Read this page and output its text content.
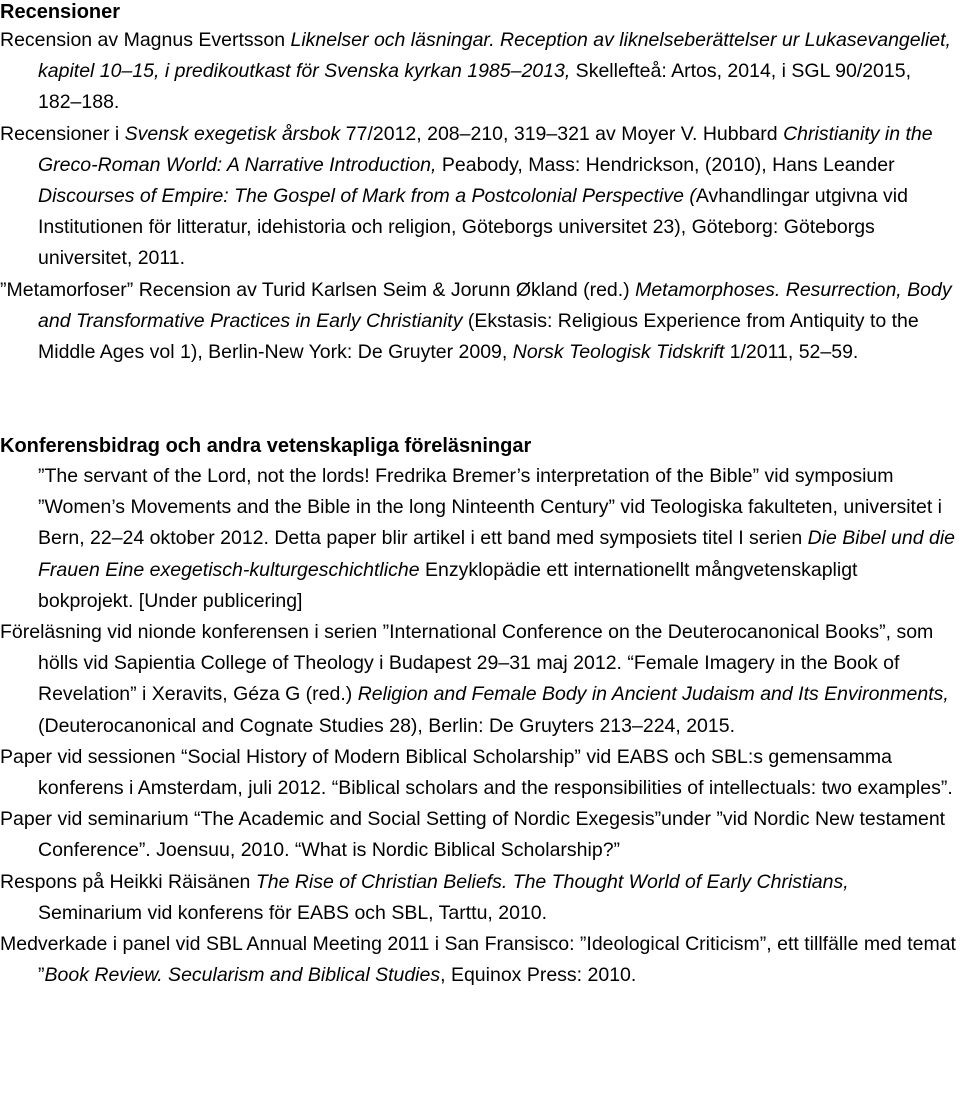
Recensioner

Recension av Magnus Evertsson Liknelser och läsningar. Reception av liknelseberättelser ur Lukasevangeliet, kapitel 10–15, i predikoutkast för Svenska kyrkan 1985–2013, Skellefteå: Artos, 2014, i SGL 90/2015, 182–188.

Recensioner i Svensk exegetisk årsbok 77/2012, 208–210, 319–321 av Moyer V. Hubbard Christianity in the Greco-Roman World: A Narrative Introduction, Peabody, Mass: Hendrickson, (2010), Hans Leander Discourses of Empire: The Gospel of Mark from a Postcolonial Perspective (Avhandlingar utgivna vid Institutionen för litteratur, idehistoria och religion, Göteborgs universitet 23), Göteborg: Göteborgs universitet, 2011.

”Metamorfoser” Recension av Turid Karlsen Seim & Jorunn Økland (red.) Metamorphoses. Resurrection, Body and Transformative Practices in Early Christianity (Ekstasis: Religious Experience from Antiquity to the Middle Ages vol 1), Berlin-New York: De Gruyter 2009, Norsk Teologisk Tidskrift 1/2011, 52–59.

Konferensbidrag och andra vetenskapliga föreläsningar

”The servant of the Lord, not the lords! Fredrika Bremer’s interpretation of the Bible” vid symposium ”Women’s Movements and the Bible in the long Ninteenth Century” vid Teologiska fakulteten, universitet i Bern, 22–24 oktober 2012. Detta paper blir artikel i ett band med symposiets titel I serien Die Bibel und die Frauen Eine exegetisch-kulturgeschichtliche Enzyklopädie ett internationellt mångvetenskapligt bokprojekt. [Under publicering]

Föreläsning vid nionde konferensen i serien ”International Conference on the Deuterocanonical Books”, som hölls vid Sapientia College of Theology i Budapest 29–31 maj 2012. “Female Imagery in the Book of Revelation” i Xeravits, Géza G (red.) Religion and Female Body in Ancient Judaism and Its Environments, (Deuterocanonical and Cognate Studies 28), Berlin: De Gruyters 213–224, 2015.

Paper vid sessionen “Social History of Modern Biblical Scholarship” vid EABS och SBL:s gemensamma konferens i Amsterdam, juli 2012. “Biblical scholars and the responsibilities of intellectuals: two examples”.

Paper vid seminarium “The Academic and Social Setting of Nordic Exegesis”under ”vid Nordic New testament Conference”. Joensuu, 2010. “What is Nordic Biblical Scholarship?”

Respons på Heikki Räisänen The Rise of Christian Beliefs. The Thought World of Early Christians, Seminarium vid konferens för EABS och SBL, Tarttu, 2010.

Medverkade i panel vid SBL Annual Meeting 2011 i San Fransisco: ”Ideological Criticism”, ett tillfälle med temat ”Book Review. Secularism and Biblical Studies, Equinox Press: 2010.
